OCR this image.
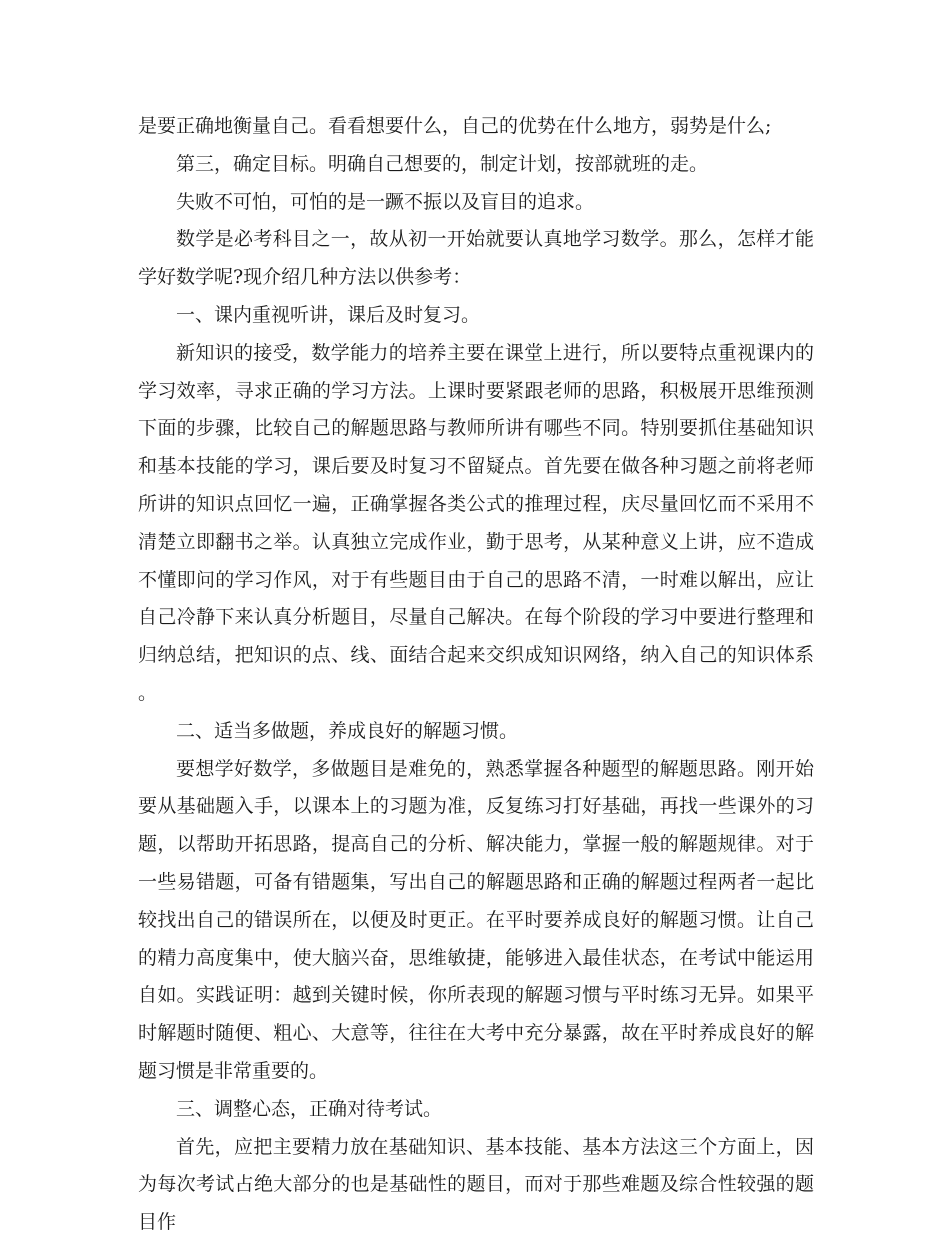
是要正确地衡量自己。看看想要什么，自己的优势在什么地方，弱势是什么;

第三，确定目标。明确自己想要的，制定计划，按部就班的走。

失败不可怕，可怕的是一蹶不振以及盲目的追求。

数学是必考科目之一，故从初一开始就要认真地学习数学。那么，怎样才能学好数学呢?现介绍几种方法以供参考：

一、课内重视听讲，课后及时复习。

新知识的接受，数学能力的培养主要在课堂上进行，所以要特点重视课内的学习效率，寻求正确的学习方法。上课时要紧跟老师的思路，积极展开思维预测下面的步骤，比较自己的解题思路与教师所讲有哪些不同。特别要抓住基础知识和基本技能的学习，课后要及时复习不留疑点。首先要在做各种习题之前将老师所讲的知识点回忆一遍，正确掌握各类公式的推理过程，庆尽量回忆而不采用不清楚立即翻书之举。认真独立完成作业，勤于思考，从某种意义上讲，应不造成不懂即问的学习作风，对于有些题目由于自己的思路不清，一时难以解出，应让自己冷静下来认真分析题目，尽量自己解决。在每个阶段的学习中要进行整理和归纳总结，把知识的点、线、面结合起来交织成知识网络，纳入自己的知识体系。

二、适当多做题，养成良好的解题习惯。

要想学好数学，多做题目是难免的，熟悉掌握各种题型的解题思路。刚开始要从基础题入手，以课本上的习题为准，反复练习打好基础，再找一些课外的习题，以帮助开拓思路，提高自己的分析、解决能力，掌握一般的解题规律。对于一些易错题，可备有错题集，写出自己的解题思路和正确的解题过程两者一起比较找出自己的错误所在，以便及时更正。在平时要养成良好的解题习惯。让自己的精力高度集中，使大脑兴奋，思维敏捷，能够进入最佳状态，在考试中能运用自如。实践证明：越到关键时候，你所表现的解题习惯与平时练习无异。如果平时解题时随便、粗心、大意等，往往在大考中充分暴露，故在平时养成良好的解题习惯是非常重要的。

三、调整心态，正确对待考试。

首先，应把主要精力放在基础知识、基本技能、基本方法这三个方面上，因为每次考试占绝大部分的也是基础性的题目，而对于那些难题及综合性较强的题目作
